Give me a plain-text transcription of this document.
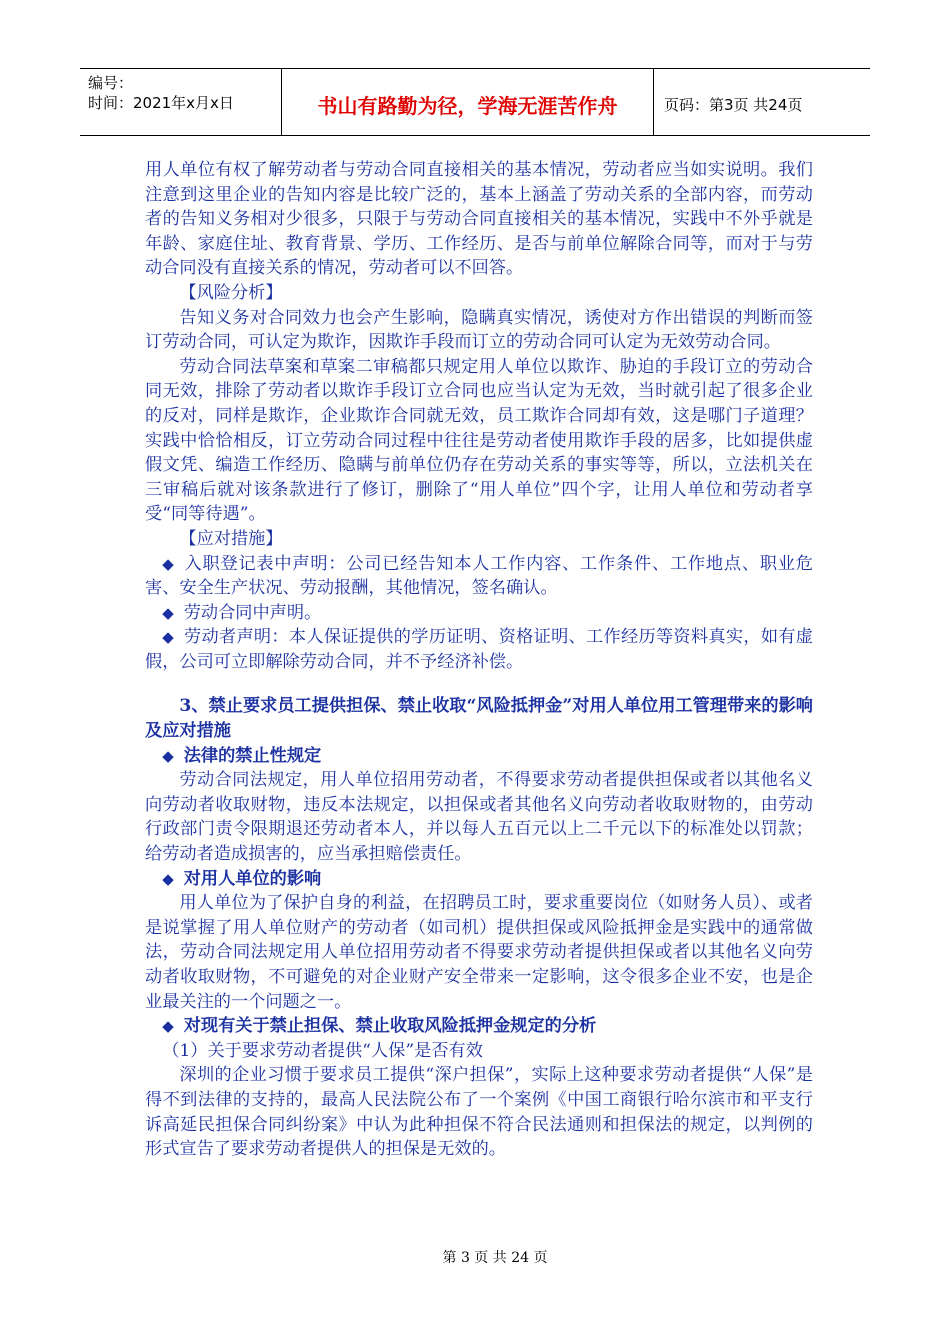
编号：
时间：2021年x月x日	书山有路勤为径，学海无涯苦作舟	页码：第3页 共24页

用人单位有权了解劳动者与劳动合同直接相关的基本情况，劳动者应当如实说明。我们注意到这里企业的告知内容是比较广泛的，基本上涵盖了劳动关系的全部内容，而劳动者的告知义务相对少很多，只限于与劳动合同直接相关的基本情况，实践中不外乎就是年龄、家庭住址、教育背景、学历、工作经历、是否与前单位解除合同等，而对于与劳动合同没有直接关系的情况，劳动者可以不回答。

【风险分析】

告知义务对合同效力也会产生影响，隐瞒真实情况，诱使对方作出错误的判断而签订劳动合同，可认定为欺诈，因欺诈手段而订立的劳动合同可认定为无效劳动合同。

劳动合同法草案和草案二审稿都只规定用人单位以欺诈、胁迫的手段订立的劳动合同无效，排除了劳动者以欺诈手段订立合同也应当认定为无效，当时就引起了很多企业的反对，同样是欺诈，企业欺诈合同就无效，员工欺诈合同却有效，这是哪门子道理？实践中恰恰相反，订立劳动合同过程中往往是劳动者使用欺诈手段的居多，比如提供虚假文凭、编造工作经历、隐瞒与前单位仍存在劳动关系的事实等等，所以，立法机关在三审稿后就对该条款进行了修订，删除了“用人单位”四个字，让用人单位和劳动者享受“同等待遇”。

【应对措施】

◆ 入职登记表中声明：公司已经告知本人工作内容、工作条件、工作地点、职业危害、安全生产状况、劳动报酬，其他情况，签名确认。

◆ 劳动合同中声明。

◆ 劳动者声明：本人保证提供的学历证明、资格证明、工作经历等资料真实，如有虚假，公司可立即解除劳动合同，并不予经济补偿。

3、禁止要求员工提供担保、禁止收取“风险抵押金”对用人单位用工管理带来的影响及应对措施

◆ 法律的禁止性规定

劳动合同法规定，用人单位招用劳动者，不得要求劳动者提供担保或者以其他名义向劳动者收取财物，违反本法规定，以担保或者其他名义向劳动者收取财物的，由劳动行政部门责令限期退还劳动者本人，并以每人五百元以上二千元以下的标准处以罚款；给劳动者造成损害的，应当承担赔偿责任。

◆ 对用人单位的影响

用人单位为了保护自身的利益，在招聘员工时，要求重要岗位（如财务人员）、或者是说掌握了用人单位财产的劳动者（如司机）提供担保或风险抵押金是实践中的通常做法，劳动合同法规定用人单位招用劳动者不得要求劳动者提供担保或者以其他名义向劳动者收取财物，不可避免的对企业财产安全带来一定影响，这令很多企业不安，也是企业最关注的一个问题之一。

◆ 对现有关于禁止担保、禁止收取风险抵押金规定的分析

（1）关于要求劳动者提供“人保”是否有效

深圳的企业习惯于要求员工提供“深户担保”，实际上这种要求劳动者提供“人保”是得不到法律的支持的，最高人民法院公布了一个案例《中国工商银行哈尔滨市和平支行诉高延民担保合同纠纷案》中认为此种担保不符合民法通则和担保法的规定，以判例的形式宣告了要求劳动者提供人的担保是无效的。

第 3 页 共 24 页
